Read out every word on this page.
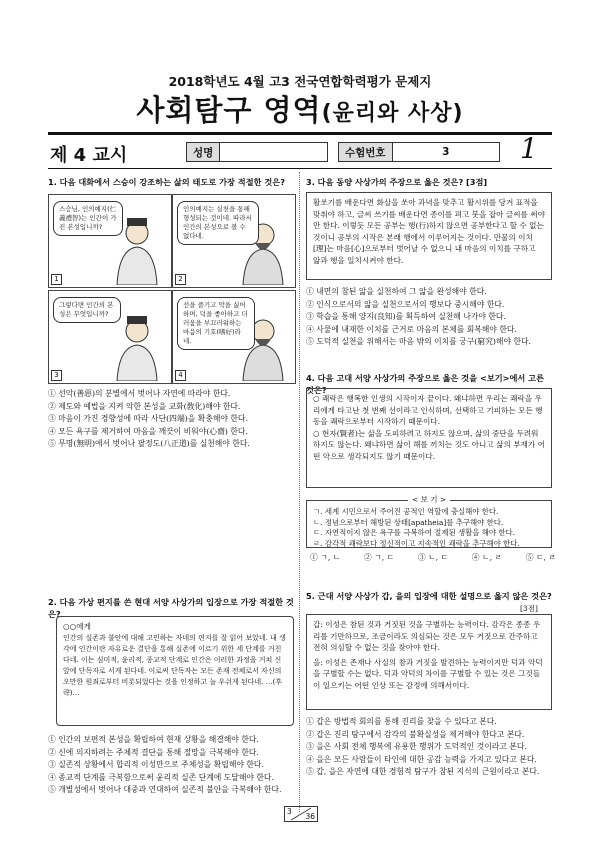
2018학년도 4월 고3 전국연합학력평가 문제지
사회탐구 영역(윤리와 사상)
제 4 교시	성명	수험번호	3	1
1. 다음 대화에서 스승이 강조하는 삶의 태도로 가장 적절한 것은?
스승님, 인의예지(仁義禮智)는 인간이 가진 본성입니까?
1
인의예지는 실천을 통해 형성되는 것이네. 따라서 인간의 본성으로 볼 수 없다네.
2
그렇다면 인간의 본성은 무엇입니까?
3
선을 즐기고 악을 싫어하며, 덕을 좋아하고 더러움을 부끄러워하는 마음의 기호(嗜好)라네.
4
① 선악(善惡)의 분별에서 벗어나 자연에 따라야 한다.
② 제도와 예법을 지켜 악한 본성을 교화(敎化)해야 한다.
③ 마음이 가진 경향성에 따라 사단(四端)을 확충해야 한다.
④ 모든 욕구를 제거하여 마음을 깨끗이 비워야(心齋) 한다.
⑤ 무명(無明)에서 벗어나 팔정도(八正道)를 실천해야 한다.
2. 다음 가상 편지를 쓴 현대 서양 사상가의 입장으로 가장 적절한 것은?
○○에게
인간의 실존과 불안에 대해 고민하는 자네의 편지를 잘 읽어 보았네. 내 생각에 인간이란 자유로운 결단을 통해 실존에 이르기 위한 세 단계를 거친다네. 이는 심미적, 윤리적, 종교적 단계로 인간은 이러한 과정을 거쳐 신 앞에 단독자로 서게 된다네. 이로써 단독자는 모든 존재 전체로서 자신의 오만한 원죄로부터 비롯되었다는 것을 인정하고 늘 우쉬게 된다네. …(후략)…
① 인간의 보편적 본성을 확립하여 현재 상황을 해결해야 한다.
② 신에 의지하려는 주체적 결단을 통해 절망을 극복해야 한다.
③ 실존적 상황에서 합리적 이성만으로 주체성을 확립해야 한다.
④ 종교적 단계를 극복함으로써 윤리적 실존 단계에 도달해야 한다.
⑤ 개별성에서 벗어나 대중과 연대하여 실존적 불안을 극복해야 한다.
3. 다음 동양 사상가의 주장으로 옳은 것은? [3점]
활쏘기를 배운다면 화살을 쏘아 과녁을 맞추고 활시위를 당겨 표적을 맞춰야 하고, 글씨 쓰기를 배운다면 종이를 펴고 붓을 잡아 글씨를 써야만 한다. 이렇듯 모든 공부는 행(行)하지 않으면 공부한다고 할 수 없는 것이니 공부의 시작은 본래 행에서 이루어지는 것이다. 만물의 이치[理]는 마음[心]으로부터 벗어날 수 없으니 내 마음의 이치를 구하고 앎과 행을 일치시켜야 한다.
① 내면의 참된 앎을 실천하여 그 앎을 완성해야 한다.
② 인식으로서의 앎을 실천으로서의 행보다 중시해야 한다.
③ 학습을 통해 양지(良知)를 획득하여 실천해 나가야 한다.
④ 사물에 내재한 이치를 근거로 마음의 본체를 회복해야 한다.
⑤ 도덕적 실천을 위해서는 마음 밖의 이치를 궁구(窮究)해야 한다.
4. 다음 고대 서양 사상가의 주장으로 옳은 것을 <보기>에서 고른 것은?
○ 쾌락은 행복한 인생의 시작이자 끝이다. 왜냐하면 우리는 쾌락을 우리에게 타고난 첫 번째 선이라고 인식하며, 선택하고 기피하는 모든 행동을 쾌락으로부터 시작하기 때문이다.
○ 현자(賢者)는 삶을 도피하려고 하지도 않으며, 삶의 중단을 두려워하지도 않는다. 왜냐하면 삶이 해를 끼치는 것도 아니고 삶의 부재가 어떤 악으로 생각되지도 않기 때문이다.
ㄱ. 세계 시민으로서 주어진 공적인 역할에 충실해야 한다.
ㄴ. 정념으로부터 해방된 상태[apatheia]를 추구해야 한다.
ㄷ. 자연적이지 않은 욕구를 극복하여 절제된 생활을 해야 한다.
ㄹ. 감각적 쾌락보다 정신적이고 지속적인 쾌락을 추구해야 한다.
< 보 기 >
① ㄱ, ㄴ	② ㄱ, ㄷ	③ ㄴ, ㄷ	④ ㄴ, ㄹ	⑤ ㄷ, ㄹ
5. 근대 서양 사상가 갑, 을의 입장에 대한 설명으로 옳지 않은 것은?
[3점]
갑: 이성은 참된 것과 거짓된 것을 구별하는 능력이다. 감각은 종종 우리를 기만하므로, 조금이라도 의심되는 것은 모두 거짓으로 간주하고 전혀 의심할 수 없는 것을 찾아야 한다.
을: 이성은 존재나 사실의 참과 거짓을 발견하는 능력이지만 덕과 악덕을 구별할 수는 없다. 덕과 악덕의 차이를 구별할 수 있는 것은 그것들이 일으키는 어떤 인상 또는 감정에 의해서이다.
① 갑은 방법적 회의를 통해 진리를 찾을 수 있다고 본다.
② 갑은 진리 탐구에서 감각의 불확실성을 제거해야 한다고 본다.
③ 을은 사회 전체 행복에 유용한 행위가 도덕적인 것이라고 본다.
④ 을은 모든 사람들이 타인에 대한 공감 능력을 가지고 있다고 본다.
⑤ 갑, 을은 자연에 대한 경험적 탐구가 참된 지식의 근원이라고 본다.
3
36
